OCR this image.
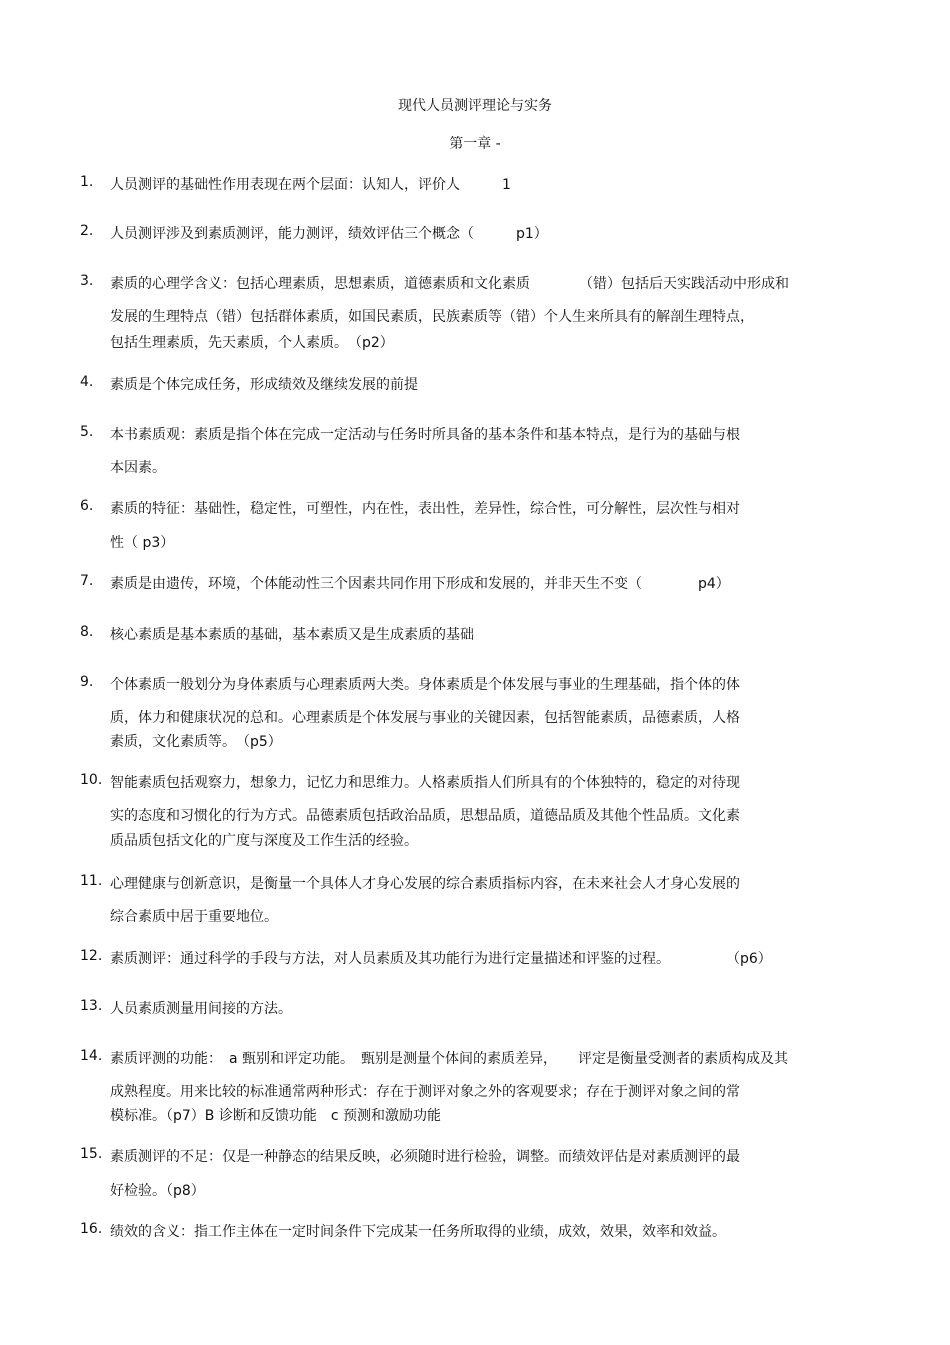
现代人员测评理论与实务
第一章 -
1.	人员测评的基础性作用表现在两个层面：认知人，评价人　　　1
2.	人员测评涉及到素质测评，能力测评，绩效评估三个概念（　　　p1）
3.	素质的心理学含义：包括心理素质，思想素质，道德素质和文化素质　　　　（错）包括后天实践活动中形成和
发展的生理特点（错）包括群体素质，如国民素质，民族素质等（错）个人生来所具有的解剖生理特点，
包括生理素质，先天素质，个人素质。　（p2）
4.	素质是个体完成任务，形成绩效及继续发展的前提
5.	本书素质观：素质是指个体在完成一定活动与任务时所具备的基本条件和基本特点，是行为的基础与根
本因素。
6.	素质的特征：基础性，稳定性，可塑性，内在性，表出性，差异性，综合性，可分解性，层次性与相对
性（ p3）
7.	素质是由遗传，环境，个体能动性三个因素共同作用下形成和发展的，并非天生不变（　　　　p4）
8.	核心素质是基本素质的基础，基本素质又是生成素质的基础
9.	个体素质一般划分为身体素质与心理素质两大类。身体素质是个体发展与事业的生理基础，指个体的体
质，体力和健康状况的总和。心理素质是个体发展与事业的关键因素，包括智能素质，品德素质，人格
素质，文化素质等。　（p5）
10. 智能素质包括观察力，想象力，记忆力和思维力。人格素质指人们所具有的个体独特的，稳定的对待现
实的态度和习惯化的行为方式。品德素质包括政治品质，思想品质，道德品质及其他个性品质。文化素
质品质包括文化的广度与深度及工作生活的经验。
11. 心理健康与创新意识，是衡量一个具体人才身心发展的综合素质指标内容，在未来社会人才身心发展的
综合素质中居于重要地位。
12. 素质测评：通过科学的手段与方法，对人员素质及其功能行为进行定量描述和评鉴的过程。　　　　　（p6）
13. 人员素质测量用间接的方法。
14. 素质评测的功能：　a 甄别和评定功能。　甄别是测量个体间的素质差异，　　评定是衡量受测者的素质构成及其
成熟程度。用来比较的标准通常两种形式：存在于测评对象之外的客观要求；存在于测评对象之间的常
模标准。（p7）B 诊断和反馈功能　c 预测和激励功能
15. 素质测评的不足：仅是一种静态的结果反映，必须随时进行检验，调整。而绩效评估是对素质测评的最
好检验。（p8）
16. 绩效的含义：指工作主体在一定时间条件下完成某一任务所取得的业绩，成效，效果，效率和效益。
